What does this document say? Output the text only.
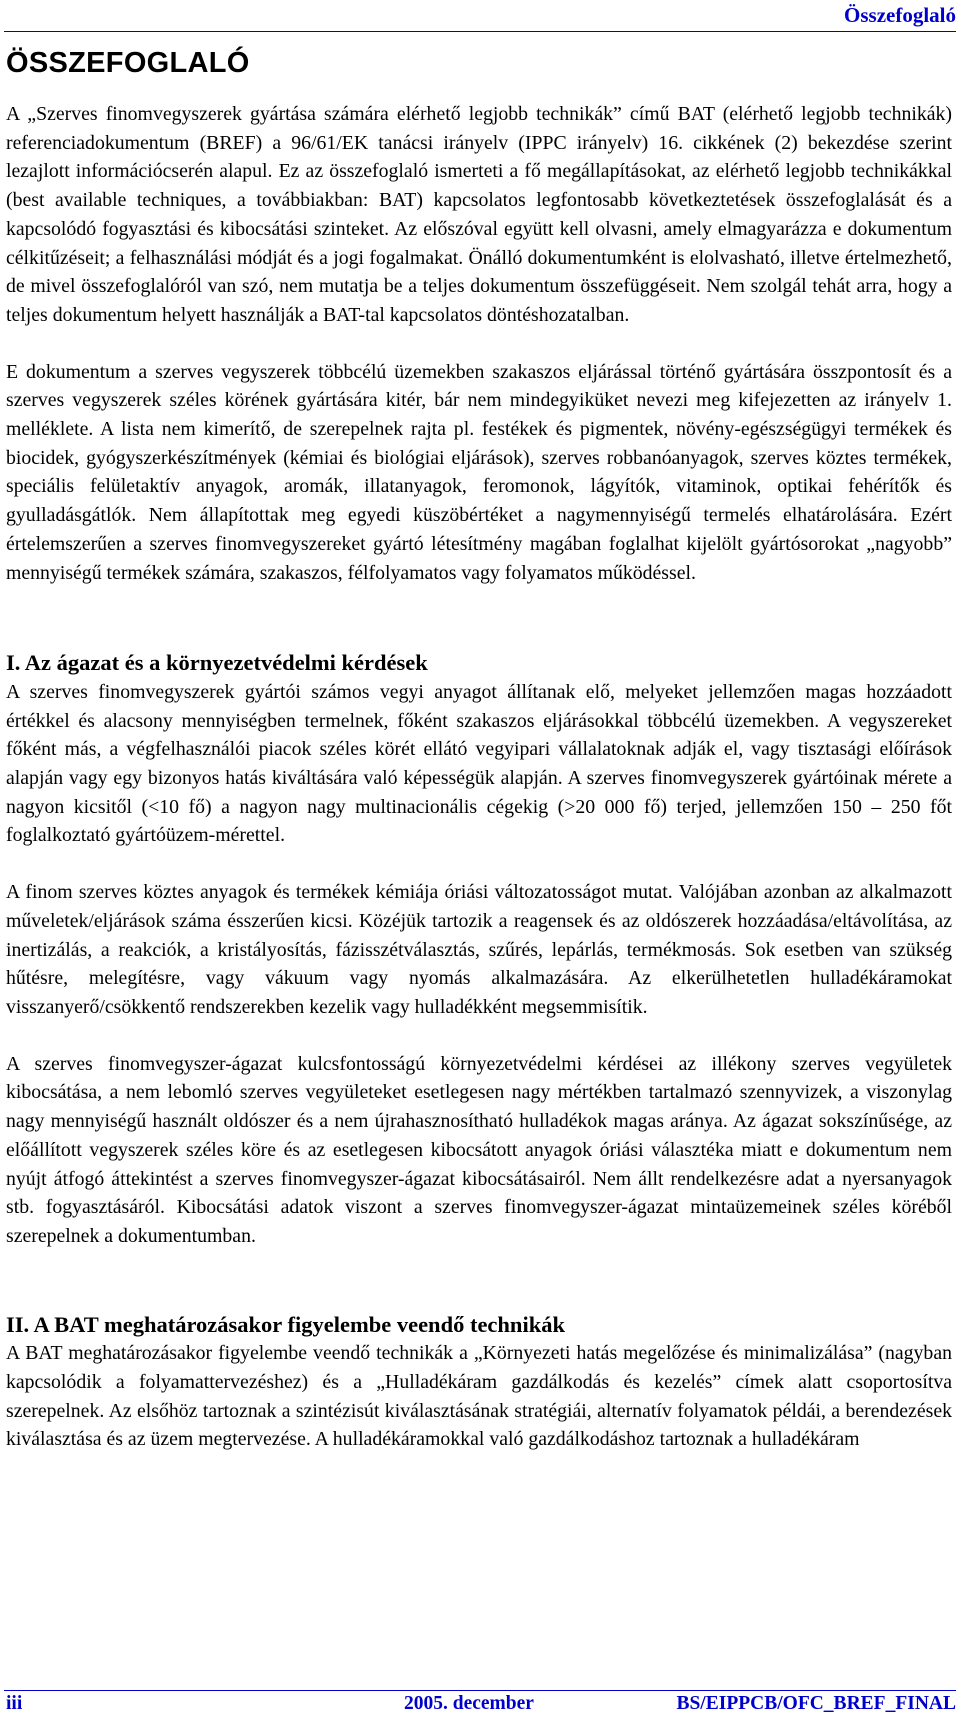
Összefoglaló
ÖSSZEFOGLALÓ

A „Szerves finomvegyszerek gyártása számára elérhető legjobb technikák” című BAT (elérhető legjobb technikák) referenciadokumentum (BREF) a 96/61/EK tanácsi irányelv (IPPC irányelv) 16. cikkének (2) bekezdése szerint lezajlott információcserén alapul. Ez az összefoglaló ismerteti a fő megállapításokat, az elérhető legjobb technikákkal (best available techniques, a továbbiakban: BAT) kapcsolatos legfontosabb következtetések összefoglalását és a kapcsolódó fogyasztási és kibocsátási szinteket. Az előszóval együtt kell olvasni, amely elmagyarázza e dokumentum célkitűzéseit; a felhasználási módját és a jogi fogalmakat. Önálló dokumentumként is elolvasható, illetve értelmezhető, de mivel összefoglalóról van szó, nem mutatja be a teljes dokumentum összefüggéseit. Nem szolgál tehát arra, hogy a teljes dokumentum helyett használják a BAT-tal kapcsolatos döntéshozatalban.

E dokumentum a szerves vegyszerek többcélú üzemekben szakaszos eljárással történő gyártására összpontosít és a szerves vegyszerek széles körének gyártására kitér, bár nem mindegyiküket nevezi meg kifejezetten az irányelv 1. melléklete. A lista nem kimerítő, de szerepelnek rajta pl. festékek és pigmentek, növény-egészségügyi termékek és biocidek, gyógyszerkészítmények (kémiai és biológiai eljárások), szerves robbanóanyagok, szerves köztes termékek, speciális felületaktív anyagok, aromák, illatanyagok, feromonok, lágyítók, vitaminok, optikai fehérítők és gyulladásgátlók. Nem állapítottak meg egyedi küszöbértéket a nagymennyiségű termelés elhatárolására. Ezért értelemszerűen a szerves finomvegyszereket gyártó létesítmény magában foglalhat kijelölt gyártósorokat „nagyobb” mennyiségű termékek számára, szakaszos, félfolyamatos vagy folyamatos működéssel.

I. Az ágazat és a környezetvédelmi kérdések

A szerves finomvegyszerek gyártói számos vegyi anyagot állítanak elő, melyeket jellemzően magas hozzáadott értékkel és alacsony mennyiségben termelnek, főként szakaszos eljárásokkal többcélú üzemekben. A vegyszereket főként más, a végfelhasználói piacok széles körét ellátó vegyipari vállalatoknak adják el, vagy tisztasági előírások alapján vagy egy bizonyos hatás kiváltására való képességük alapján. A szerves finomvegyszerek gyártóinak mérete a nagyon kicsitől (<10 fő) a nagyon nagy multinacionális cégekig (>20 000 fő) terjed, jellemzően 150 – 250 főt foglalkoztató gyártóüzem-mérettel.

A finom szerves köztes anyagok és termékek kémiája óriási változatosságot mutat. Valójában azonban az alkalmazott műveletek/eljárások száma ésszerűen kicsi. Közéjük tartozik a reagensek és az oldószerek hozzáadása/eltávolítása, az inertizálás, a reakciók, a kristályosítás, fázisszétválasztás, szűrés, lepárlás, termékmosás. Sok esetben van szükség hűtésre, melegítésre, vagy vákuum vagy nyomás alkalmazására. Az elkerülhetetlen hulladékáramokat visszanyerő/csökkentő rendszerekben kezelik vagy hulladékként megsemmisítik.

A szerves finomvegyszer-ágazat kulcsfontosságú környezetvédelmi kérdései az illékony szerves vegyületek kibocsátása, a nem lebomló szerves vegyületeket esetlegesen nagy mértékben tartalmazó szennyvizek, a viszonylag nagy mennyiségű használt oldószer és a nem újrahasznosítható hulladékok magas aránya. Az ágazat sokszínűsége, az előállított vegyszerek széles köre és az esetlegesen kibocsátott anyagok óriási választéka miatt e dokumentum nem nyújt átfogó áttekintést a szerves finomvegyszer-ágazat kibocsátásairól. Nem állt rendelkezésre adat a nyersanyagok stb. fogyasztásáról. Kibocsátási adatok viszont a szerves finomvegyszer-ágazat mintaüzemeinek széles köréből szerepelnek a dokumentumban.

II. A BAT meghatározásakor figyelembe veendő technikák

A BAT meghatározásakor figyelembe veendő technikák a „Környezeti hatás megelőzése és minimalizálása” (nagyban kapcsolódik a folyamattervezéshez) és a „Hulladékáram gazdálkodás és kezelés” címek alatt csoportosítva szerepelnek. Az elsőhöz tartoznak a szintézisút kiválasztásának stratégiái, alternatív folyamatok példái, a berendezések kiválasztása és az üzem megtervezése. A hulladékáramokkal való gazdálkodáshoz tartoznak a hulladékáram

iii	2005. december	BS/EIPPCB/OFC_BREF_FINAL
